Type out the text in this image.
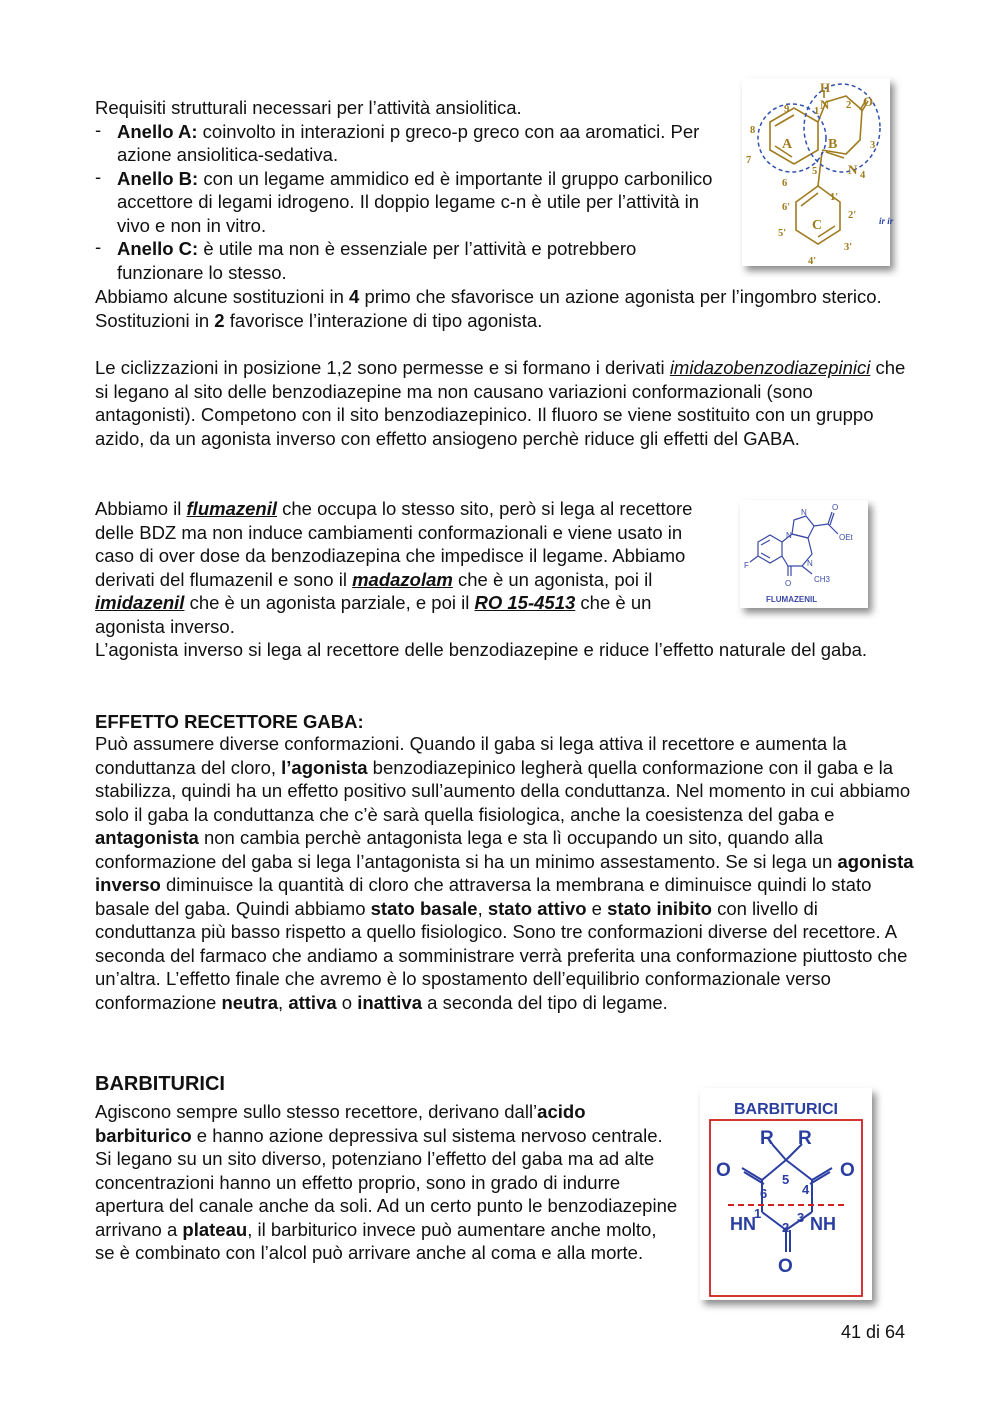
Requisiti strutturali necessari per l’attività ansiolitica.

- Anello A: coinvolto in interazioni p greco-p greco con aa aromatici. Per azione ansiolitica-sedativa.
- Anello B: con un legame ammidico ed è importante il gruppo carbonilico accettore di legami idrogeno. Il doppio legame c-n è utile per l’attività in vivo e non in vitro.
- Anello C: è utile ma non è essenziale per l’attività e potrebbero funzionare lo stesso.

Abbiamo alcune sostituzioni in 4 primo che sfavorisce un azione agonista per l’ingombro sterico. Sostituzioni in 2 favorisce l’interazione di tipo agonista.

H
O
N
N
A	B
C
1
2
3
4
5
6
7
8
9
1'
2'
3'
4'
5'
6'
ir ir

Le ciclizzazioni in posizione 1,2 sono permesse e si formano i derivati imidazobenzodiazepinici che si legano al sito delle benzodiazepine ma non causano variazioni conformazionali (sono antagonisti). Competono con il sito benzodiazepinico. Il fluoro se viene sostituito con un gruppo azido, da un agonista inverso con effetto ansiogeno perchè riduce gli effetti del GABA.

Abbiamo il flumazenil che occupa lo stesso sito, però si lega al recettore delle BDZ ma non induce cambiamenti conformazionali e viene usato in caso di over dose da benzodiazepina che impedisce il legame. Abbiamo derivati del flumazenil e sono il madazolam che è un agonista, poi il imidazenil che è un agonista parziale, e poi il RO 15-4513 che è un agonista inverso.

L’agonista inverso si lega al recettore delle benzodiazepine e riduce l’effetto naturale del gaba.

F
N
N
O
OEt
N
CH3
O
FLUMAZENIL
EFFETTO RECETTORE GABA:

Può assumere diverse conformazioni. Quando il gaba si lega attiva il recettore e aumenta la conduttanza del cloro, l’agonista benzodiazepinico legherà quella conformazione con il gaba e la stabilizza, quindi ha un effetto positivo sull’aumento della conduttanza. Nel momento in cui abbiamo solo il gaba la conduttanza che c’è sarà quella fisiologica, anche la coesistenza del gaba e antagonista non cambia perchè antagonista lega e sta lì occupando un sito, quando alla conformazione del gaba si lega l’antagonista si ha un minimo assestamento. Se si lega un agonista inverso diminuisce la quantità di cloro che attraversa la membrana e diminuisce quindi lo stato basale del gaba. Quindi abbiamo stato basale, stato attivo e stato inibito con livello di conduttanza più basso rispetto a quello fisiologico. Sono tre conformazioni diverse del recettore. A seconda del farmaco che andiamo a somministrare verrà preferita una conformazione piuttosto che un’altra. L’effetto finale che avremo è lo spostamento dell’equilibrio conformazionale verso conformazione neutra, attiva o inattiva a seconda del tipo di legame.

BARBITURICI

Agiscono sempre sullo stesso recettore, derivano dall’acido barbiturico e hanno azione depressiva sul sistema nervoso centrale. Si legano su un sito diverso, potenziano l’effetto del gaba ma ad alte concentrazioni hanno un effetto proprio, sono in grado di indurre apertura del canale anche da soli. Ad un certo punto le benzodiazepine arrivano a plateau, il barbiturico invece può aumentare anche molto, se è combinato con l’alcol può arrivare anche al coma e alla morte.

BARBITURICI
R R
O	O
O
HN	NH
1
2
3
4
5
6
41 di 64
